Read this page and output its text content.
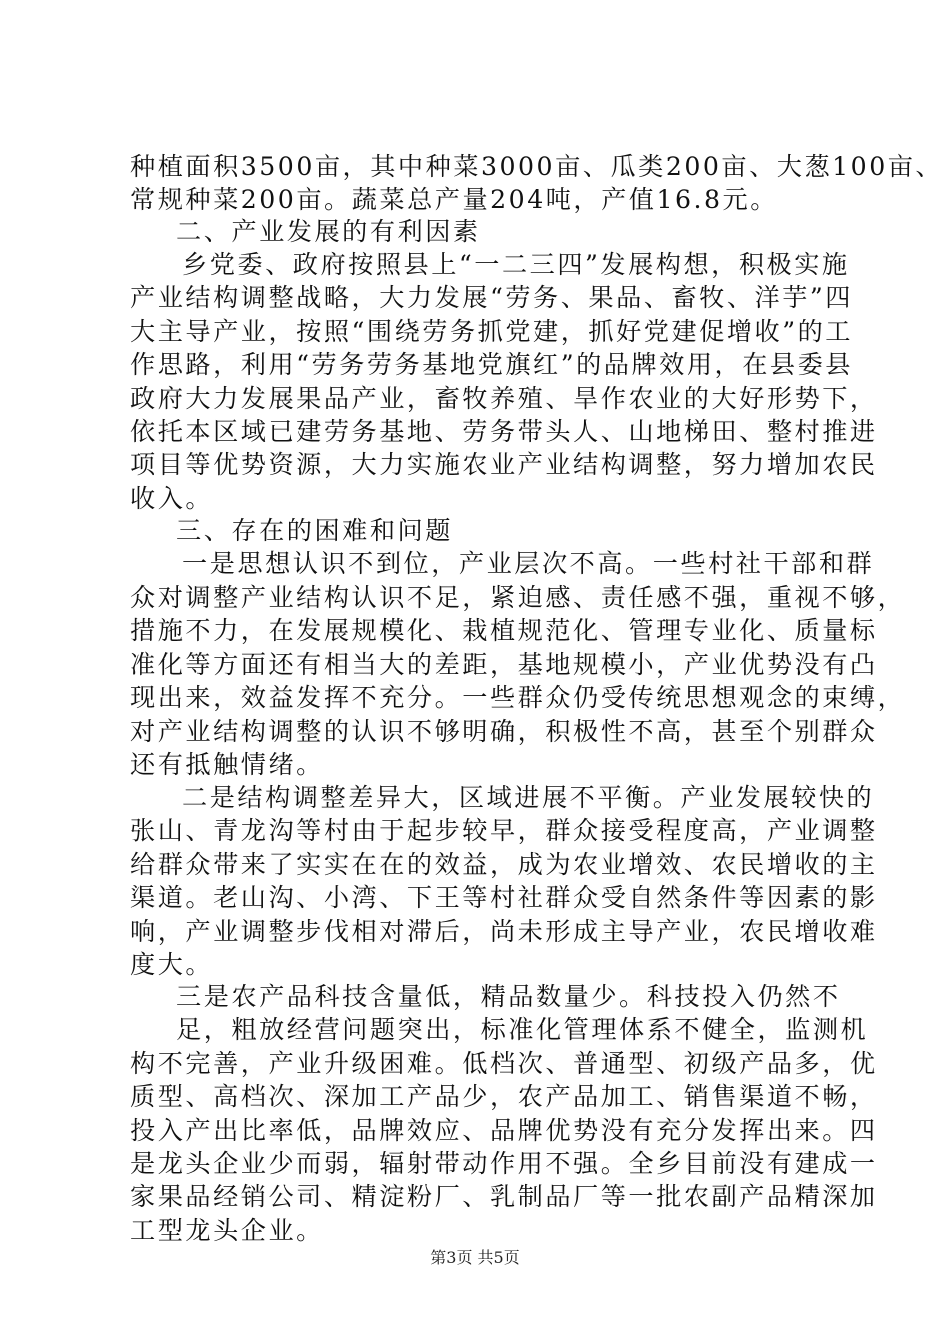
种植面积3500亩，其中种菜3000亩、瓜类200亩、大葱100亩、
常规种菜200亩。蔬菜总产量204吨，产值16.8元。
二、产业发展的有利因素
乡党委、政府按照县上“一二三四”发展构想，积极实施
产业结构调整战略，大力发展“劳务、果品、畜牧、洋芋”四
大主导产业，按照“围绕劳务抓党建，抓好党建促增收”的工
作思路，利用“劳务劳务基地党旗红”的品牌效用，在县委县
政府大力发展果品产业，畜牧养殖、旱作农业的大好形势下，
依托本区域已建劳务基地、劳务带头人、山地梯田、整村推进
项目等优势资源，大力实施农业产业结构调整，努力增加农民
收入。
三、存在的困难和问题
一是思想认识不到位，产业层次不高。一些村社干部和群
众对调整产业结构认识不足，紧迫感、责任感不强，重视不够，
措施不力，在发展规模化、栽植规范化、管理专业化、质量标
准化等方面还有相当大的差距，基地规模小，产业优势没有凸
现出来，效益发挥不充分。一些群众仍受传统思想观念的束缚，
对产业结构调整的认识不够明确，积极性不高，甚至个别群众
还有抵触情绪。
二是结构调整差异大，区域进展不平衡。产业发展较快的
张山、青龙沟等村由于起步较早，群众接受程度高，产业调整
给群众带来了实实在在的效益，成为农业增效、农民增收的主
渠道。老山沟、小湾、下王等村社群众受自然条件等因素的影
响，产业调整步伐相对滞后，尚未形成主导产业，农民增收难
度大。
三是农产品科技含量低，精品数量少。科技投入仍然不
足，粗放经营问题突出，标准化管理体系不健全，监测机
构不完善，产业升级困难。低档次、普通型、初级产品多，优
质型、高档次、深加工产品少，农产品加工、销售渠道不畅，
投入产出比率低，品牌效应、品牌优势没有充分发挥出来。四
是龙头企业少而弱，辐射带动作用不强。全乡目前没有建成一
家果品经销公司、精淀粉厂、乳制品厂等一批农副产品精深加
工型龙头企业。
第3页 共5页
